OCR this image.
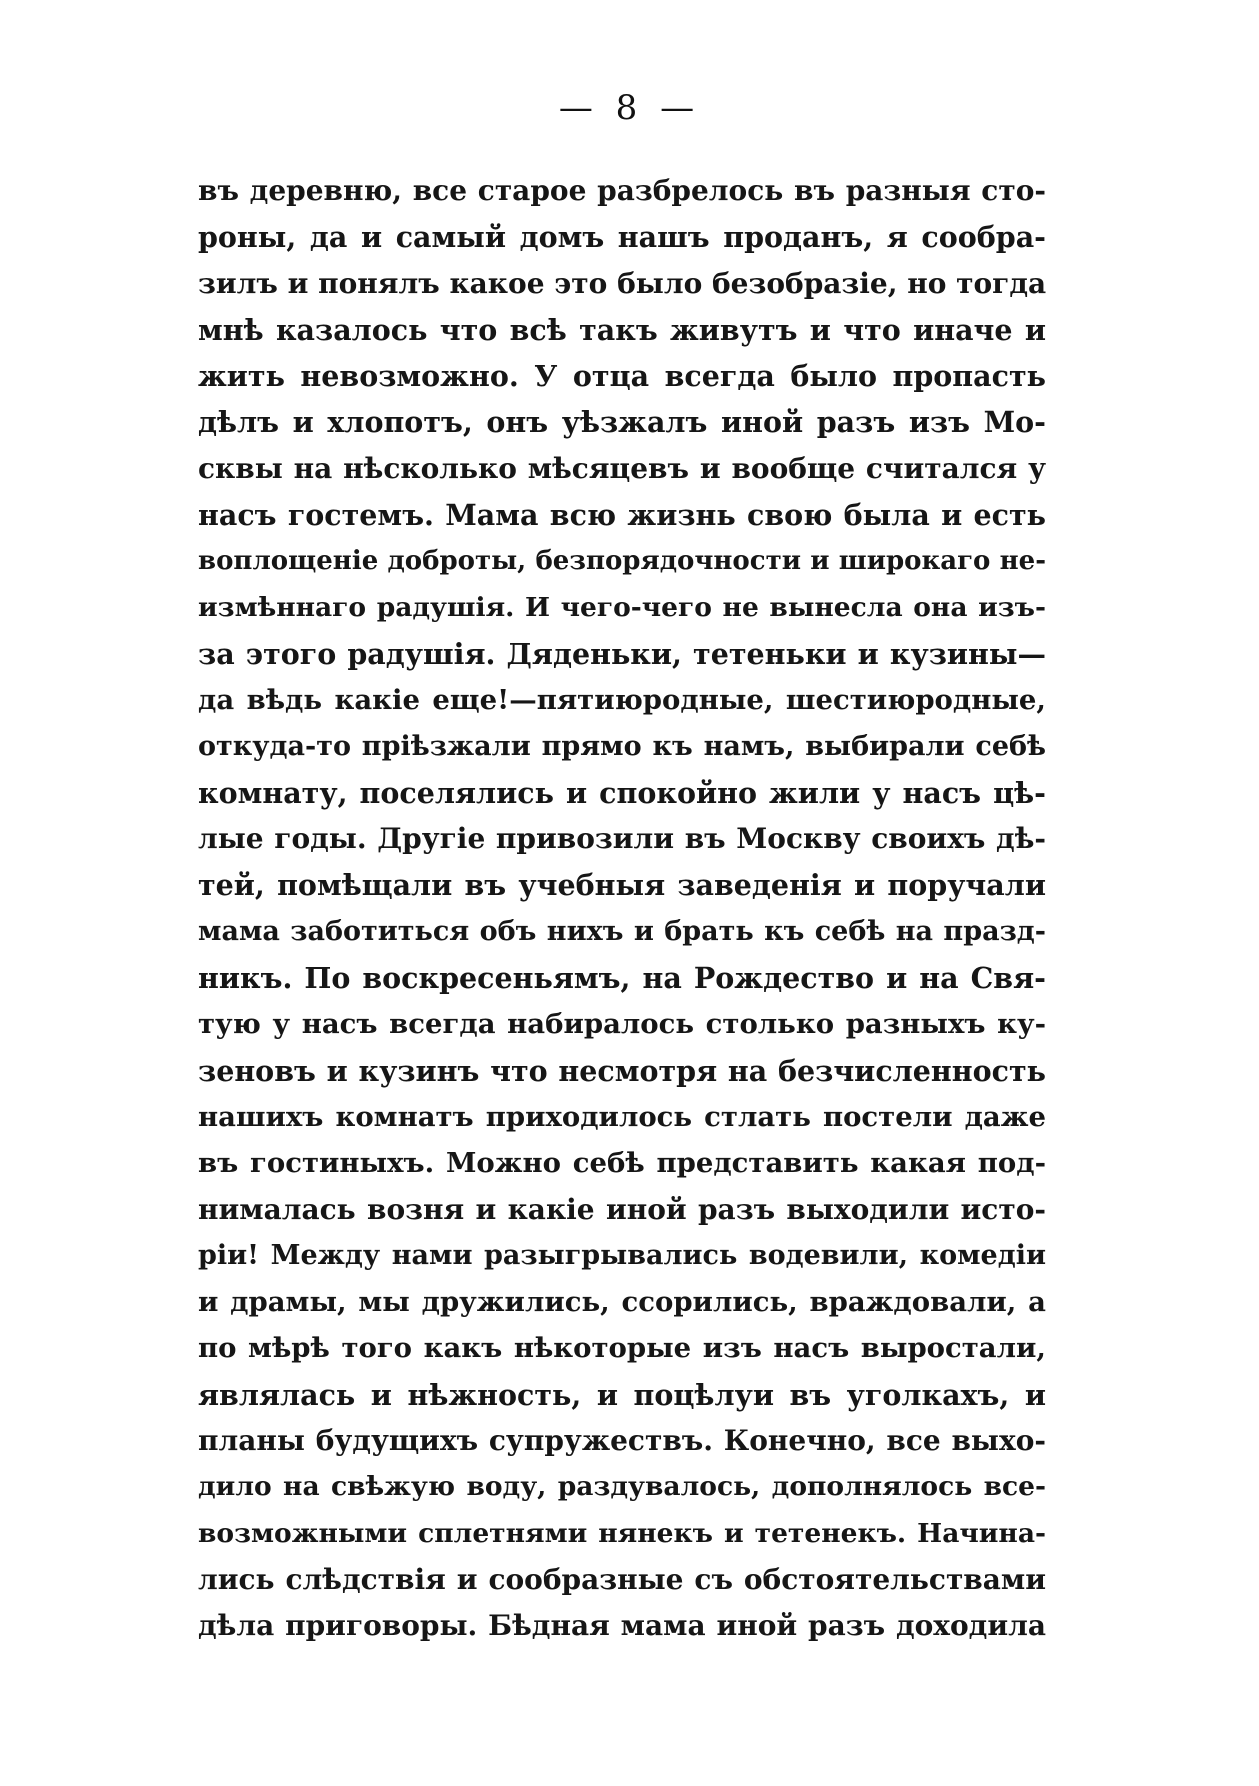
— 8 —
въ деревню, все старое разбрелось въ разныя сто-
роны, да и самый домъ нашъ проданъ, я сообра-
зилъ и понялъ какое это было безобразіе, но тогда
мнѣ казалось что всѣ такъ живутъ и что иначе и
жить невозможно. У отца всегда было пропасть
дѣлъ и хлопотъ, онъ уѣзжалъ иной разъ изъ Мо-
сквы на нѣсколько мѣсяцевъ и вообще считался у
насъ гостемъ. Мама всю жизнь свою была и есть
воплощеніе доброты, безпорядочности и широкаго не-
измѣннаго радушія. И чего-чего не вынесла она изъ-
за этого радушія. Дяденьки, тетеньки и кузины—
да вѣдь какіе еще!—пятиюродные, шестиюродные,
откуда-то пріѣзжали прямо къ намъ, выбирали себѣ
комнату, поселялись и спокойно жили у насъ цѣ-
лые годы. Другіе привозили въ Москву своихъ дѣ-
тей, помѣщали въ учебныя заведенія и поручали
мама заботиться объ нихъ и брать къ себѣ на празд-
никъ. По воскресеньямъ, на Рождество и на Свя-
тую у насъ всегда набиралось столько разныхъ ку-
зеновъ и кузинъ что несмотря на безчисленность
нашихъ комнатъ приходилось стлать постели даже
въ гостиныхъ. Можно себѣ представить какая под-
нималась возня и какіе иной разъ выходили исто-
ріи! Между нами разыгрывались водевили, комедіи
и драмы, мы дружились, ссорились, враждовали, а
по мѣрѣ того какъ нѣкоторые изъ насъ выростали,
являлась и нѣжность, и поцѣлуи въ уголкахъ, и
планы будущихъ супружествъ. Конечно, все выхо-
дило на свѣжую воду, раздувалось, дополнялось все-
возможными сплетнями нянекъ и тетенекъ. Начина-
лись слѣдствія и сообразные съ обстоятельствами
дѣла приговоры. Бѣдная мама иной разъ доходила
